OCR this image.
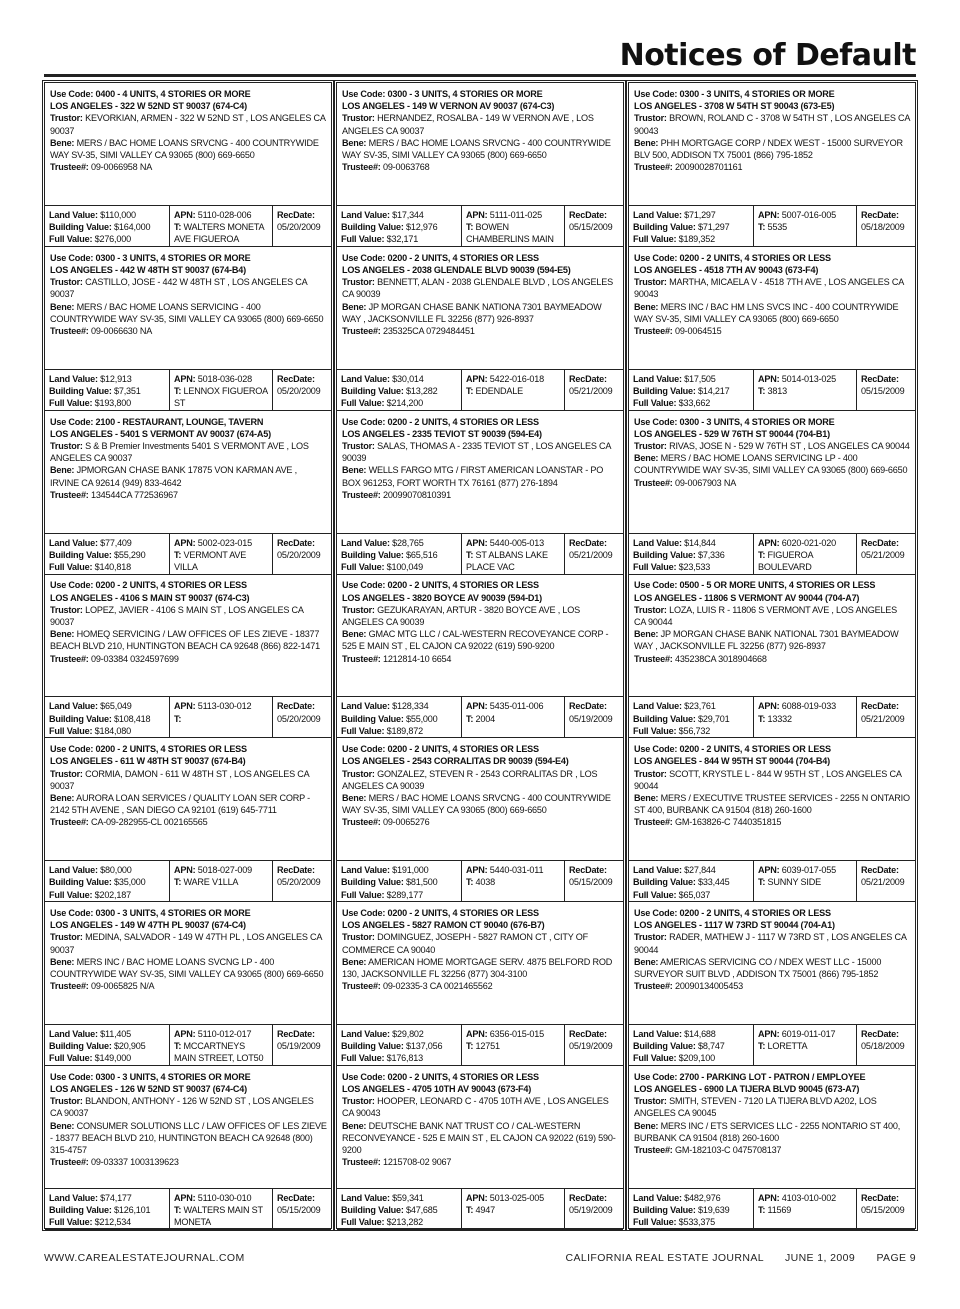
Notices of Default
Use Code: 0400 - 4 UNITS, 4 STORIES OR MORE
LOS ANGELES - 322 W 52ND ST 90037 (674-C4)
Trustor: KEVORKIAN, ARMEN - 322 W 52ND ST , LOS ANGELES CA 90037
Bene: MERS / BAC HOME LOANS SRVCNG - 400 COUNTRYWIDE WAY SV-35, SIMI VALLEY CA 93065 (800) 669-6650
Trustee#: 09-0066958 NA
Land Value: $110,000
Building Value: $164,000
Full Value: $276,000
APN: 5110-028-006
T: WALTERS MONETA AVE FIGUEROA
RecDate:
05/20/2009
Use Code: 0300 - 3 UNITS, 4 STORIES OR MORE
LOS ANGELES - 442 W 48TH ST 90037 (674-B4)
Trustor: CASTILLO, JOSE - 442 W 48TH ST , LOS ANGELES CA 90037
Bene: MERS / BAC HOME LOANS SERVICING - 400 COUNTRYWIDE WAY SV-35, SIMI VALLEY CA 93065 (800) 669-6650
Trustee#: 09-0066630 NA
Land Value: $12,913
Building Value: $7,351
Full Value: $193,800
APN: 5018-036-028
T: LENNOX FIGUEROA ST
RecDate:
05/20/2009
Use Code: 2100 - RESTAURANT, LOUNGE, TAVERN
LOS ANGELES - 5401 S VERMONT AV 90037 (674-A5)
Trustor: S & B Premier Investments 5401 S VERMONT AVE , LOS ANGELES CA 90037
Bene: JPMORGAN CHASE BANK 17875 VON KARMAN AVE , IRVINE CA 92614 (949) 833-4642
Trustee#: 134544CA 772536967
Land Value: $77,409
Building Value: $55,290
Full Value: $140,818
APN: 5002-023-015
T: VERMONT AVE VILLA
RecDate:
05/20/2009
Use Code: 0200 - 2 UNITS, 4 STORIES OR LESS
LOS ANGELES - 4106 S MAIN ST 90037 (674-C3)
Trustor: LOPEZ, JAVIER - 4106 S MAIN ST , LOS ANGELES CA 90037
Bene: HOMEQ SERVICING / LAW OFFICES OF LES ZIEVE - 18377 BEACH BLVD 210, HUNTINGTON BEACH CA 92648 (866) 822-1471
Trustee#: 09-03384 0324597699
Land Value: $65,049
Building Value: $108,418
Full Value: $184,080
APN: 5113-030-012
T:
RecDate:
05/20/2009
Use Code: 0200 - 2 UNITS, 4 STORIES OR LESS
LOS ANGELES - 611 W 48TH ST 90037 (674-B4)
Trustor: CORMIA, DAMON - 611 W 48TH ST , LOS ANGELES CA 90037
Bene: AURORA LOAN SERVICES / QUALITY LOAN SER CORP - 2142 5TH AVENE , SAN DIEGO CA 92101 (619) 645-7711
Trustee#: CA-09-282955-CL 002165565
Land Value: $80,000
Building Value: $35,000
Full Value: $202,187
APN: 5018-027-009
T: WARE V1LLA
RecDate:
05/20/2009
Use Code: 0300 - 3 UNITS, 4 STORIES OR MORE
LOS ANGELES - 149 W 47TH PL 90037 (674-C4)
Trustor: MEDINA, SALVADOR - 149 W 47TH PL , LOS ANGELES CA 90037
Bene: MERS INC / BAC HOME LOANS SVCNG LP - 400 COUNTRYWIDE WAY SV-35, SIMI VALLEY CA 93065 (800) 669-6650
Trustee#: 09-0065825 N/A
Land Value: $11,405
Building Value: $20,905
Full Value: $149,000
APN: 5110-012-017
T: MCCARTNEYS MAIN STREET, LOT50
RecDate:
05/19/2009
Use Code: 0300 - 3 UNITS, 4 STORIES OR MORE
LOS ANGELES - 126 W 52ND ST 90037 (674-C4)
Trustor: BLANDON, ANTHONY - 126 W 52ND ST , LOS ANGELES CA 90037
Bene: CONSUMER SOLUTIONS LLC / LAW OFFICES OF LES ZIEVE - 18377 BEACH BLVD 210, HUNTINGTON BEACH CA 92648 (800) 315-4757
Trustee#: 09-03337 1003139623
Land Value: $74,177
Building Value: $126,101
Full Value: $212,534
APN: 5110-030-010
T: WALTERS MAIN ST MONETA
RecDate:
05/15/2009
Use Code: 0300 - 3 UNITS, 4 STORIES OR MORE
LOS ANGELES - 149 W VERNON AV 90037 (674-C3)
Trustor: HERNANDEZ, ROSALBA - 149 W VERNON AVE , LOS ANGELES CA 90037
Bene: MERS / BAC HOME LOANS SRVCNG - 400 COUNTRYWIDE WAY SV-35, SIMI VALLEY CA 93065 (800) 669-6650
Trustee#: 09-0063768
Land Value: $17,344
Building Value: $12,976
Full Value: $32,171
APN: 5111-011-025
T: BOWEN CHAMBERLINS MAIN
RecDate:
05/15/2009
Use Code: 0200 - 2 UNITS, 4 STORIES OR LESS
LOS ANGELES - 2038 GLENDALE BLVD 90039 (594-E5)
Trustor: BENNETT, ALAN - 2038 GLENDALE BLVD , LOS ANGELES CA 90039
Bene: JP MORGAN CHASE BANK NATIONA 7301 BAYMEADOW WAY , JACKSONVILLE FL 32256 (877) 926-8937
Trustee#: 235325CA 0729484451
Land Value: $30,014
Building Value: $13,282
Full Value: $214,200
APN: 5422-016-018
T: EDENDALE
RecDate:
05/21/2009
Use Code: 0200 - 2 UNITS, 4 STORIES OR LESS
LOS ANGELES - 2335 TEVIOT ST 90039 (594-E4)
Trustor: SALAS, THOMAS A - 2335 TEVIOT ST , LOS ANGELES CA 90039
Bene: WELLS FARGO MTG / FIRST AMERICAN LOANSTAR - PO BOX 961253, FORT WORTH TX 76161 (877) 276-1894
Trustee#: 20099070810391
Land Value: $28,765
Building Value: $65,516
Full Value: $100,049
APN: 5440-005-013
T: ST ALBANS LAKE PLACE VAC
RecDate:
05/21/2009
Use Code: 0200 - 2 UNITS, 4 STORIES OR LESS
LOS ANGELES - 3820 BOYCE AV 90039 (594-D1)
Trustor: GEZUKARAYAN, ARTUR - 3820 BOYCE AVE , LOS ANGELES CA 90039
Bene: GMAC MTG LLC / CAL-WESTERN RECOVEYANCE CORP - 525 E MAIN ST , EL CAJON CA 92022 (619) 590-9200
Trustee#: 1212814-10 6654
Land Value: $128,334
Building Value: $55,000
Full Value: $189,872
APN: 5435-011-006
T: 2004
RecDate:
05/19/2009
Use Code: 0200 - 2 UNITS, 4 STORIES OR LESS
LOS ANGELES - 2543 CORRALITAS DR 90039 (594-E4)
Trustor: GONZALEZ, STEVEN R - 2543 CORRALITAS DR , LOS ANGELES CA 90039
Bene: MERS / BAC HOME LOANS SRVCNG - 400 COUNTRYWIDE WAY SV-35, SIMI VALLEY CA 93065 (800) 669-6650
Trustee#: 09-0065276
Land Value: $191,000
Building Value: $81,500
Full Value: $289,177
APN: 5440-031-011
T: 4038
RecDate:
05/15/2009
Use Code: 0200 - 2 UNITS, 4 STORIES OR LESS
LOS ANGELES - 5827 RAMON CT 90040 (676-B7)
Trustor: DOMINGUEZ, JOSEPH - 5827 RAMON CT , CITY OF COMMERCE CA 90040
Bene: AMERICAN HOME MORTGAGE SERV. 4875 BELFORD ROD 130, JACKSONVILLE FL 32256 (877) 304-3100
Trustee#: 09-02335-3 CA 0021465562
Land Value: $29,802
Building Value: $137,056
Full Value: $176,813
APN: 6356-015-015
T: 12751
RecDate:
05/19/2009
Use Code: 0200 - 2 UNITS, 4 STORIES OR LESS
LOS ANGELES - 4705 10TH AV 90043 (673-F4)
Trustor: HOOPER, LEONARD C - 4705 10TH AVE , LOS ANGELES CA 90043
Bene: DEUTSCHE BANK NAT TRUST CO / CAL-WESTERN RECONVEYANCE - 525 E MAIN ST , EL CAJON CA 92022 (619) 590-9200
Trustee#: 1215708-02 9067
Land Value: $59,341
Building Value: $47,685
Full Value: $213,282
APN: 5013-025-005
T: 4947
RecDate:
05/19/2009
Use Code: 0300 - 3 UNITS, 4 STORIES OR MORE
LOS ANGELES - 3708 W 54TH ST 90043 (673-E5)
Trustor: BROWN, ROLAND C - 3708 W 54TH ST , LOS ANGELES CA 90043
Bene: PHH MORTGAGE CORP / NDEX WEST - 15000 SURVEYOR BLV 500, ADDISON TX 75001 (866) 795-1852
Trustee#: 20090028701161
Land Value: $71,297
Building Value: $71,297
Full Value: $189,352
APN: 5007-016-005
T: 5535
RecDate:
05/18/2009
Use Code: 0200 - 2 UNITS, 4 STORIES OR LESS
LOS ANGELES - 4518 7TH AV 90043 (673-F4)
Trustor: MARTHA, MICAELA V - 4518 7TH AVE , LOS ANGELES CA 90043
Bene: MERS INC / BAC HM LNS SVCS INC - 400 COUNTRYWIDE WAY SV-35, SIMI VALLEY CA 93065 (800) 669-6650
Trustee#: 09-0064515
Land Value: $17,505
Building Value: $14,217
Full Value: $33,662
APN: 5014-013-025
T: 3813
RecDate:
05/15/2009
Use Code: 0300 - 3 UNITS, 4 STORIES OR MORE
LOS ANGELES - 529 W 76TH ST 90044 (704-B1)
Trustor: RIVAS, JOSE N - 529 W 76TH ST , LOS ANGELES CA 90044
Bene: MERS / BAC HOME LOANS SERVICING LP - 400 COUNTRYWIDE WAY SV-35, SIMI VALLEY CA 93065 (800) 669-6650
Trustee#: 09-0067903 NA
Land Value: $14,844
Building Value: $7,336
Full Value: $23,533
APN: 6020-021-020
T: FIGUEROA BOULEVARD
RecDate:
05/21/2009
Use Code: 0500 - 5 OR MORE UNITS, 4 STORIES OR LESS
LOS ANGELES - 11806 S VERMONT AV 90044 (704-A7)
Trustor: LOZA, LUIS R - 11806 S VERMONT AVE , LOS ANGELES CA 90044
Bene: JP MORGAN CHASE BANK NATIONAL 7301 BAYMEADOW WAY , JACKSONVILLE FL 32256 (877) 926-8937
Trustee#: 435238CA 3018904668
Land Value: $23,761
Building Value: $29,701
Full Value: $56,732
APN: 6088-019-033
T: 13332
RecDate:
05/21/2009
Use Code: 0200 - 2 UNITS, 4 STORIES OR LESS
LOS ANGELES - 844 W 95TH ST 90044 (704-B4)
Trustor: SCOTT, KRYSTLE L - 844 W 95TH ST , LOS ANGELES CA 90044
Bene: MERS / EXECUTIVE TRUSTEE SERVICES - 2255 N ONTARIO ST 400, BURBANK CA 91504 (818) 260-1600
Trustee#: GM-163826-C 7440351815
Land Value: $27,844
Building Value: $33,445
Full Value: $65,037
APN: 6039-017-055
T: SUNNY SIDE
RecDate:
05/21/2009
Use Code: 0200 - 2 UNITS, 4 STORIES OR LESS
LOS ANGELES - 1117 W 73RD ST 90044 (704-A1)
Trustor: RADER, MATHEW J - 1117 W 73RD ST , LOS ANGELES CA 90044
Bene: AMERICAS SERVICING CO / NDEX WEST LLC - 15000 SURVEYOR SUIT BLVD , ADDISON TX 75001 (866) 795-1852
Trustee#: 20090134005453
Land Value: $14,688
Building Value: $8,747
Full Value: $209,100
APN: 6019-011-017
T: LORETTA
RecDate:
05/18/2009
Use Code: 2700 - PARKING LOT - PATRON / EMPLOYEE
LOS ANGELES - 6900 LA TIJERA BLVD 90045 (673-A7)
Trustor: SMITH, STEVEN - 7120 LA TIJERA BLVD A202, LOS ANGELES CA 90045
Bene: MERS INC / ETS SERVICES LLC - 2255 NONTARIO ST 400, BURBANK CA 91504 (818) 260-1600
Trustee#: GM-182103-C 0475708137
Land Value: $482,976
Building Value: $19,639
Full Value: $533,375
APN: 4103-010-002
T: 11569
RecDate:
05/15/2009
WWW.CAREALESTATEJOURNAL.COM	CALIFORNIA REAL ESTATE JOURNAL JUNE 1, 2009 PAGE 9
